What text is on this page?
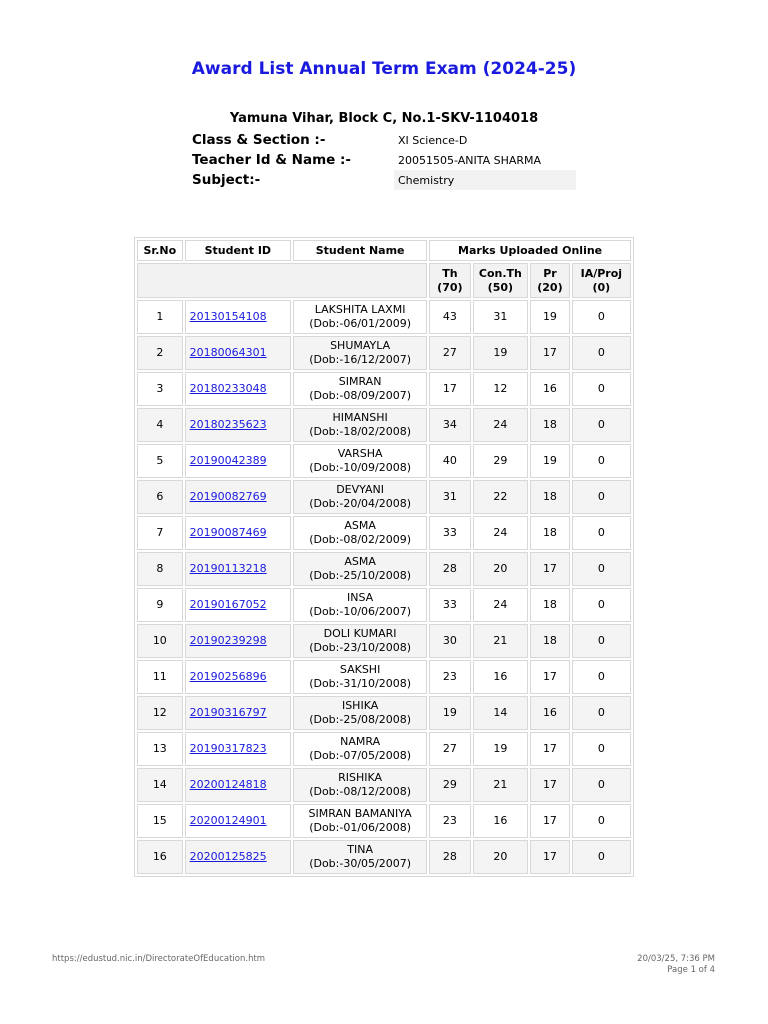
Award List Annual Term Exam (2024-25)
Yamuna Vihar, Block C, No.1-SKV-1104018
Class & Section :-	XI Science-D
Teacher Id & Name :-	20051505-ANITA SHARMA
Subject:-	Chemistry
Sr.No	Student ID	Student Name	Marks Uploaded Online			
			Th
(70)	Con.Th
(50)	Pr
(20)	IA/Proj
(0)
1	20130154108	LAKSHITA LAXMI
(Dob:-06/01/2009)	43	31	19	0
2	20180064301	SHUMAYLA
(Dob:-16/12/2007)	27	19	17	0
3	20180233048	SIMRAN
(Dob:-08/09/2007)	17	12	16	0
4	20180235623	HIMANSHI
(Dob:-18/02/2008)	34	24	18	0
5	20190042389	VARSHA
(Dob:-10/09/2008)	40	29	19	0
6	20190082769	DEVYANI
(Dob:-20/04/2008)	31	22	18	0
7	20190087469	ASMA
(Dob:-08/02/2009)	33	24	18	0
8	20190113218	ASMA
(Dob:-25/10/2008)	28	20	17	0
9	20190167052	INSA
(Dob:-10/06/2007)	33	24	18	0
10	20190239298	DOLI KUMARI
(Dob:-23/10/2008)	30	21	18	0
11	20190256896	SAKSHI
(Dob:-31/10/2008)	23	16	17	0
12	20190316797	ISHIKA
(Dob:-25/08/2008)	19	14	16	0
13	20190317823	NAMRA
(Dob:-07/05/2008)	27	19	17	0
14	20200124818	RISHIKA
(Dob:-08/12/2008)	29	21	17	0
15	20200124901	SIMRAN BAMANIYA
(Dob:-01/06/2008)	23	16	17	0
16	20200125825	TINA
(Dob:-30/05/2007)	28	20	17	0
https://edustud.nic.in/DirectorateOfEducation.htm	20/03/25, 7:36 PM
Page 1 of 4
